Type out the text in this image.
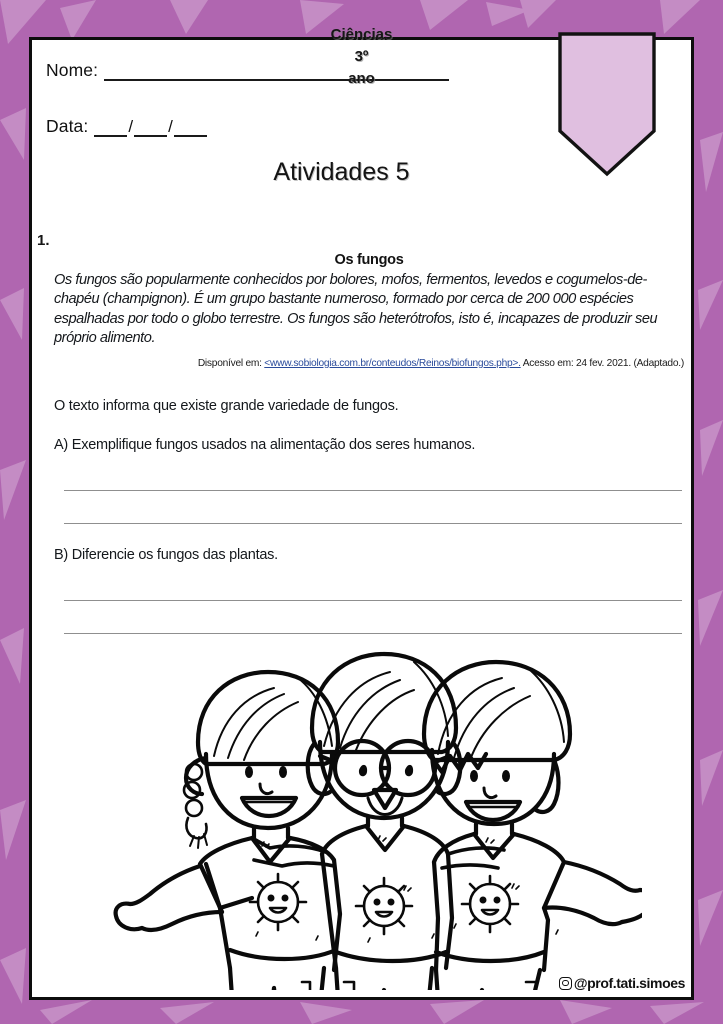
Ciências
3º
ano
Nome:
Data: / /
Atividades 5
1.
Os fungos
Os fungos são popularmente conhecidos por bolores, mofos, fermentos, levedos e cogumelos-de-chapéu (champignon). É um grupo bastante numeroso, formado por cerca de 200 000 espécies espalhadas por todo o globo terrestre. Os fungos são heterótrofos, isto é, incapazes de produzir seu próprio alimento.
Disponível em: <www.sobiologia.com.br/conteudos/Reinos/biofungos.php>. Acesso em: 24 fev. 2021. (Adaptado.)
O texto informa que existe grande variedade de fungos.
A) Exemplifique fungos usados na alimentação dos seres humanos.
B) Diferencie os fungos das plantas.
@prof.tati.simoes
